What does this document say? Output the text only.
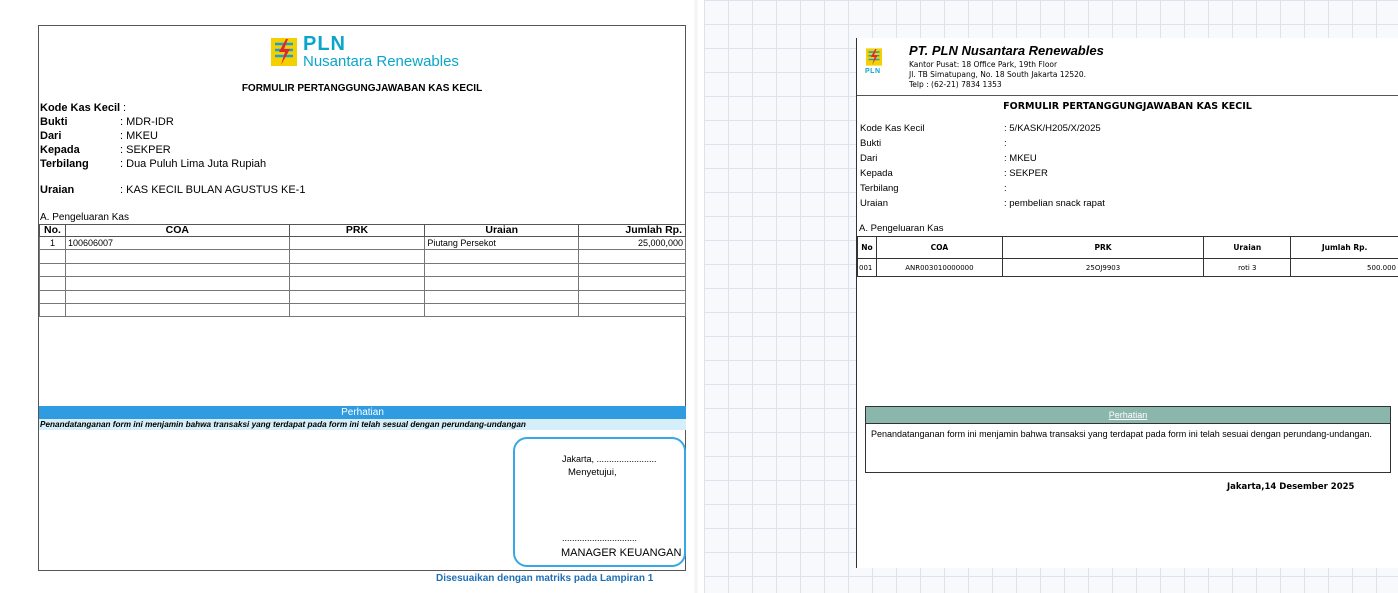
PLN
Nusantara Renewables
FORMULIR PERTANGGUNGJAWABAN KAS KECIL
Kode Kas Kecil :
Bukti	: MDR-IDR
Dari	: MKEU
Kepada	: SEKPER
Terbilang	: Dua Puluh Lima Juta Rupiah
Uraian	: KAS KECIL BULAN AGUSTUS KE-1
A. Pengeluaran Kas
No.	COA	PRK	Uraian	Jumlah Rp.
1	100606007		Piutang Persekot	25,000,000

Perhatian
Penandatanganan form ini menjamin bahwa transaksi yang terdapat pada form ini telah sesual dengan perundang-undangan
Jakarta, ........................
Menyetujui,
..............................
MANAGER KEUANGAN
Disesuaikan dengan matriks pada Lampiran 1
PLN
PT. PLN Nusantara Renewables
Kantor Pusat: 18 Office Park, 19th Floor
Jl. TB Simatupang, No. 18 South Jakarta 12520.
Telp : (62-21) 7834 1353
FORMULIR PERTANGGUNGJAWABAN KAS KECIL
Kode Kas Kecil	: 5/KASK/H205/X/2025
Bukti	:
Dari	: MKEU
Kepada	: SEKPER
Terbilang	:
Uraian	: pembelian snack rapat
A. Pengeluaran Kas
No	COA	PRK	Uraian	Jumlah Rp.
001	ANR003010000000	25OJ9903	roti 3	500.000
Perhatian
Penandatanganan form ini menjamin bahwa transaksi yang terdapat pada form ini telah sesuai dengan perundang-undangan.
Jakarta,14 Desember 2025
